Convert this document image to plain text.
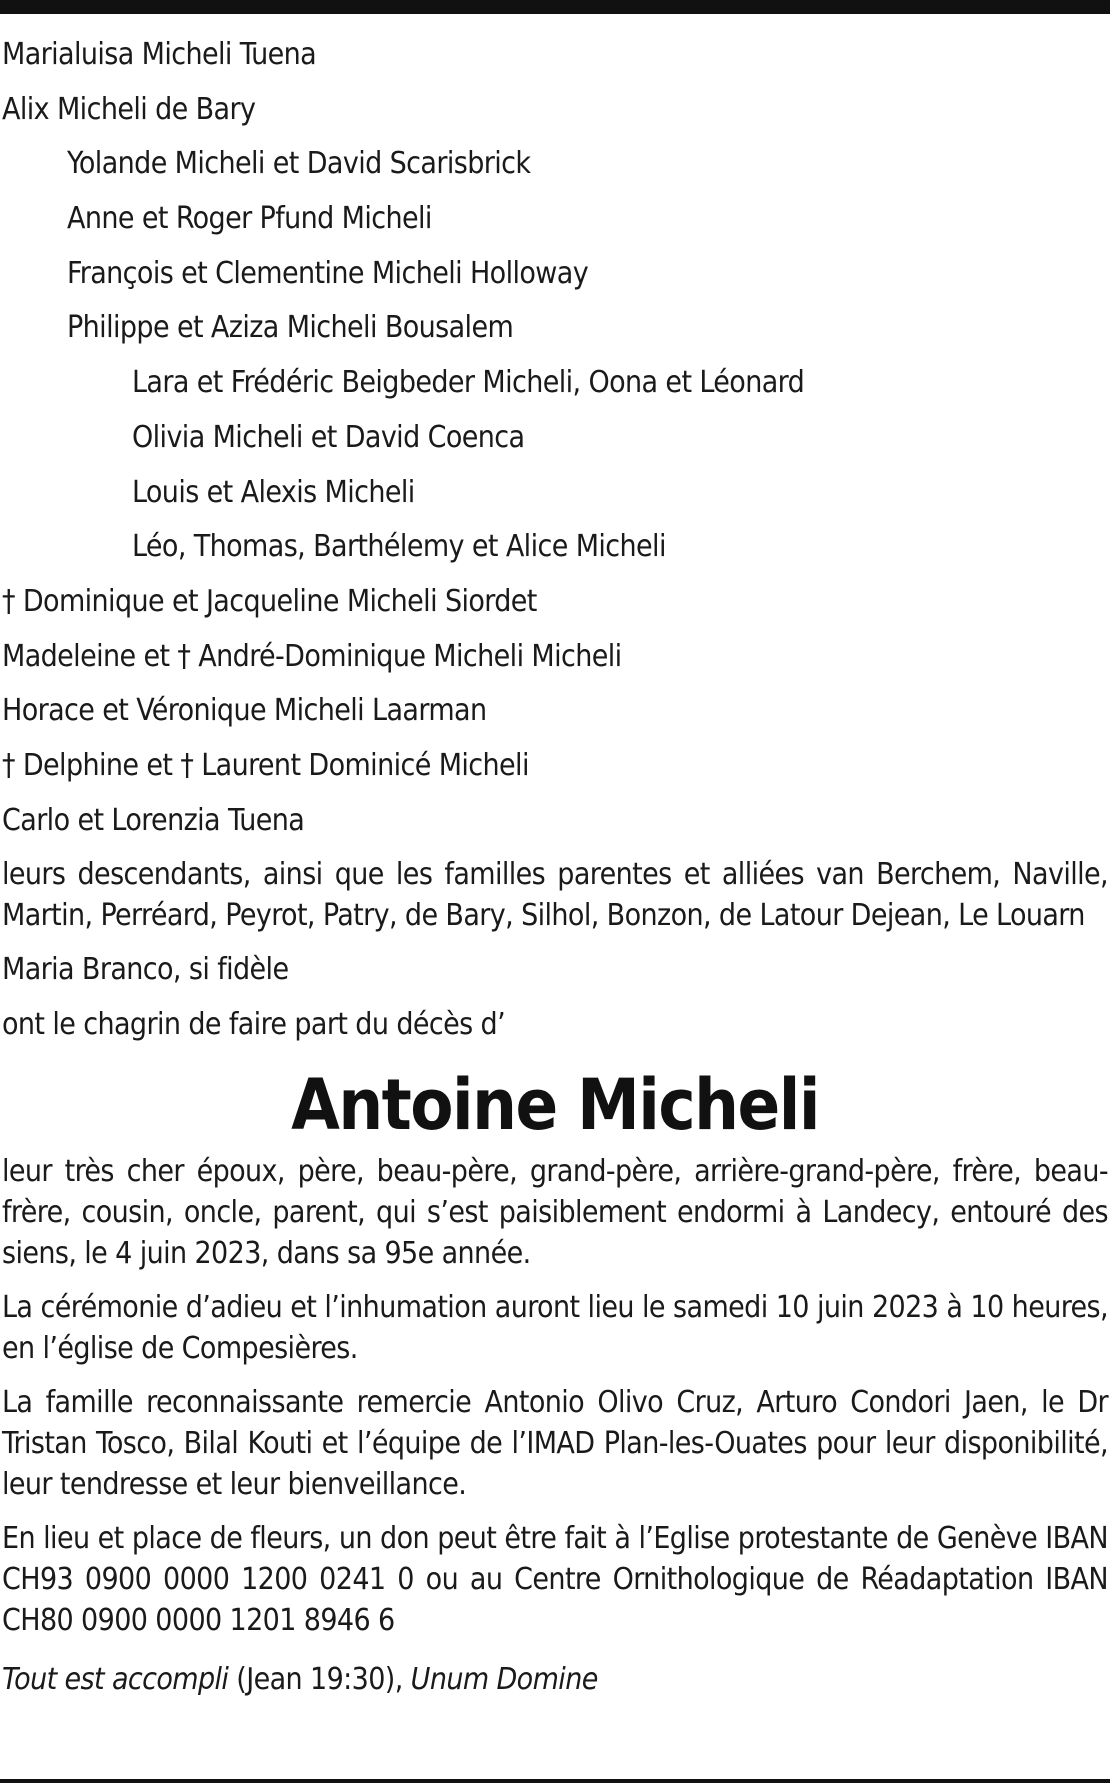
Marialuisa Micheli Tuena
Alix Micheli de Bary
Yolande Micheli et David Scarisbrick
Anne et Roger Pfund Micheli
François et Clementine Micheli Holloway
Philippe et Aziza Micheli Bousalem
Lara et Frédéric Beigbeder Micheli, Oona et Léonard
Olivia Micheli et David Coenca
Louis et Alexis Micheli
Léo, Thomas, Barthélemy et Alice Micheli
† Dominique et Jacqueline Micheli Siordet
Madeleine et † André-Dominique Micheli Micheli
Horace et Véronique Micheli Laarman
† Delphine et † Laurent Dominicé Micheli
Carlo et Lorenzia Tuena

leurs descendants, ainsi que les familles parentes et alliées van Berchem, Naville, Martin, Perréard, Peyrot, Patry, de Bary, Silhol, Bonzon, de Latour Dejean, Le Louarn

Maria Branco, si fidèle

ont le chagrin de faire part du décès d’

Antoine Micheli

leur très cher époux, père, beau-père, grand-père, arrière-grand-père, frère, beau-frère, cousin, oncle, parent, qui s’est paisiblement endormi à Landecy, entouré des siens, le 4 juin 2023, dans sa 95e année.

La cérémonie d’adieu et l’inhumation auront lieu le samedi 10 juin 2023 à 10 heures, en l’église de Compesières.

La famille reconnaissante remercie Antonio Olivo Cruz, Arturo Condori Jaen, le Dr Tristan Tosco, Bilal Kouti et l’équipe de l’IMAD Plan-les-Ouates pour leur disponibilité, leur tendresse et leur bienveillance.

En lieu et place de fleurs, un don peut être fait à l’Eglise protestante de Genève IBAN CH93 0900 0000 1200 0241 0 ou au Centre Ornithologique de Réadaptation IBAN CH80 0900 0000 1201 8946 6

Tout est accompli (Jean 19:30), Unum Domine
